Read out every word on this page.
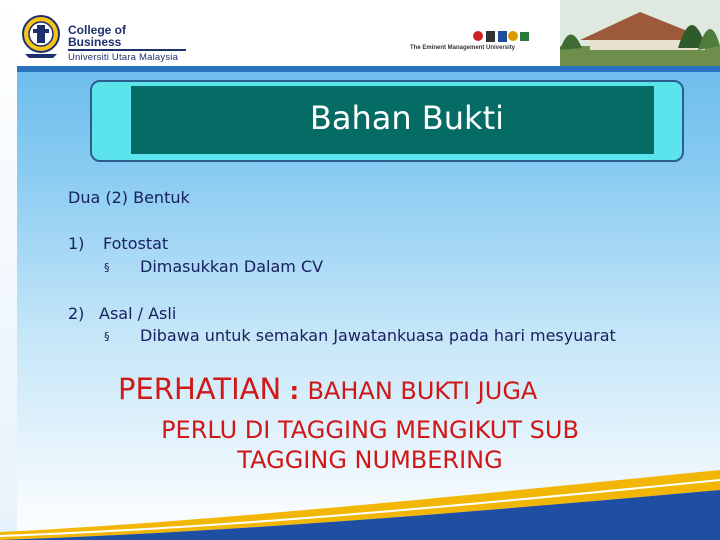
College of
Business
Universiti Utara Malaysia
The Eminent Management University
Bahan Bukti
Dua (2) Bentuk
1) Fotostat
§ Dimasukkan Dalam CV
2) Asal / Asli
§ Dibawa untuk semakan Jawatankuasa pada hari mesyuarat
PERHATIAN : BAHAN BUKTI JUGA
PERLU DI TAGGING MENGIKUT SUB
TAGGING NUMBERING
